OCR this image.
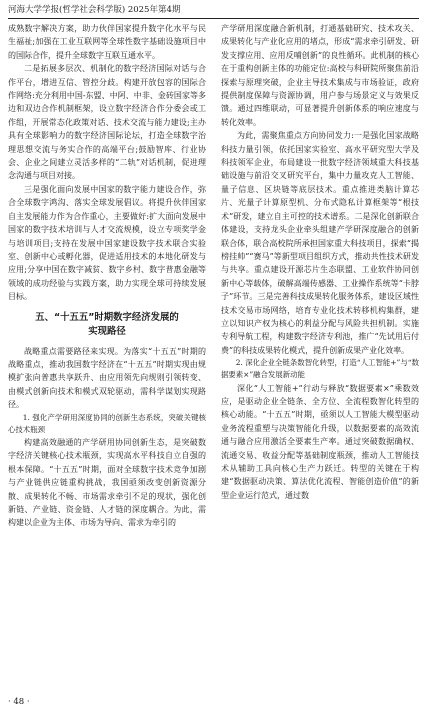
河海大学学报(哲学社会科学版) 2025年第4期

成熟数字解决方案，助力伙伴国家提升数字化水平与民生福祉;加强在工业互联网等全球性数字基础设施项目中的国际合作，提升全球数字互联互通水平。

二是拓展多层次、机制化的数字经济国际对话与合作平台，增进互信、管控分歧。构建开放包容的国际合作网络:充分利用中国-东盟、中阿、中非、金砖国家等多边和双边合作机制框架，设立数字经济合作分委会或工作组，开展常态化政策对话、技术交流与能力建设;主办具有全球影响力的数字经济国际论坛，打造全球数字治理思想交流与务实合作的高端平台;鼓励智库、行业协会、企业之间建立灵活多样的“二轨”对话机制，促进理念沟通与项目对接。

三是强化面向发展中国家的数字能力建设合作，弥合全球数字鸿沟、落实全球发展倡议。将提升伙伴国家自主发展能力作为合作重心，主要做好:扩大面向发展中国家的数字技术培训与人才交流规模，设立专项奖学金与培训项目;支持在发展中国家建设数字技术联合实验室、创新中心或孵化器，促进适用技术的本地化研发与应用;分享中国在数字减贫、数字乡村、数字普惠金融等领域的成功经验与实践方案，助力实现全球可持续发展目标。

五、“十五五”时期数字经济发展的
实现路径

战略重点需要路径来实现。为落实“十五五”时期的战略重点，推动我国数字经济在“十五五”时期实现由规模扩张向普惠共享跃升、由应用领先向规则引领转变、由模式创新向技术和模式双轮驱动，需科学谋划实现路径。

1. 强化产学研用深度协同的创新生态系统，突破关键核心技术瓶颈

构建高效融通的产学研用协同创新生态，是突破数字经济关键核心技术瓶颈，实现高水平科技自立自强的根本保障。“十五五”时期，面对全球数字技术竞争加剧与产业链供应链重构挑战，我国亟须改变创新资源分散、成果转化不畅、市场需求牵引不足的现状，强化创新链、产业链、资金链、人才链的深度耦合。为此，需构建以企业为主体、市场为导向、需求为牵引的

产学研用深度融合新机制，打通基础研究、技术攻关、成果转化与产业化应用的堵点，形成“需求牵引研发、研发支撑应用、应用反哺创新”的良性循环。此机制的核心在于重构创新主体的功能定位:高校与科研院所聚焦前沿探索与原理突破，企业主导技术集成与市场验证，政府提供制度保障与资源协调，用户参与场景定义与效果反馈。通过四维联动，可显著提升创新体系的响应速度与转化效率。

为此，需聚焦重点方向协同发力:一是强化国家战略科技力量引领，依托国家实验室、高水平研究型大学及科技领军企业，布局建设一批数字经济领域重大科技基础设施与前沿交叉研究平台，集中力量攻克人工智能、量子信息、区块链等底层技术。重点推进类脑计算芯片、光量子计算原型机、分布式隐私计算框架等“根技术”研发，建立自主可控的技术谱系。二是深化创新联合体建设，支持龙头企业牵头组建产学研深度融合的创新联合体，联合高校院所承担国家重大科技项目，探索“揭榜挂帅”“赛马”等新型项目组织方式，推动共性技术研发与共享。重点建设开源芯片生态联盟、工业软件协同创新中心等载体，破解高端传感器、工业操作系统等“卡脖子”环节。三是完善科技成果转化服务体系，建设区域性技术交易市场网络，培育专业化技术转移机构集群，建立以知识产权为核心的利益分配与风险共担机制。实施专利导航工程，构建数字经济专利池，推广“先试用后付费”的科技成果转化模式，提升创新成果产业化效率。

2. 深化企业全链条数智化转型，打造“人工智能+”与“数据要素×”融合发展新动能

深化“人工智能+”行动与释放“数据要素×”乘数效应，是驱动企业全链条、全方位、全流程数智化转型的核心动能。“十五五”时期，亟须以人工智能大模型驱动业务流程重塑与决策智能化升级，以数据要素的高效流通与融合应用激活全要素生产率。通过突破数据确权、流通交易、收益分配等基础制度瓶颈，推动人工智能技术从辅助工具向核心生产力跃迁。转型的关键在于构建“数据驱动决策、算法优化流程、智能创造价值”的新型企业运行范式，通过数

· 48 ·
